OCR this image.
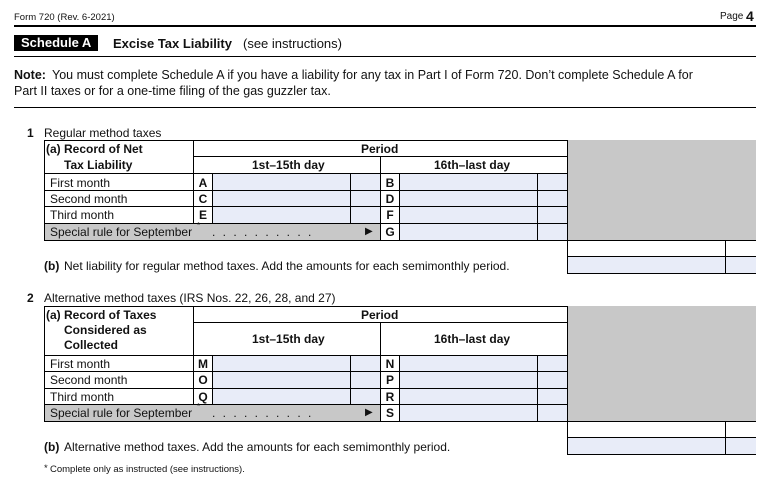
Form 720 (Rev. 6-2021)	Page 4
Schedule A	Excise Tax Liability (see instructions)
Note: You must complete Schedule A if you have a liability for any tax in Part I of Form 720. Don’t complete Schedule A for
Part II taxes or for a one-time filing of the gas guzzler tax.
1 Regular method taxes
(a) Record of Net
Tax Liability
Period
1st–15th day	16th–last day
First month	A	B
Second month	C	D
Third month	E	F
Special rule for September * . . . . . . . . . .	▶	G
(b) Net liability for regular method taxes. Add the amounts for each semimonthly period.
2 Alternative method taxes (IRS Nos. 22, 26, 28, and 27)
(a) Record of Taxes
Considered as
Collected
Period
1st–15th day	16th–last day
First month	M	N
Second month	O	P
Third month	Q	R
Special rule for September * . . . . . . . . . .	▶	S
(b) Alternative method taxes. Add the amounts for each semimonthly period.
* Complete only as instructed (see instructions).
